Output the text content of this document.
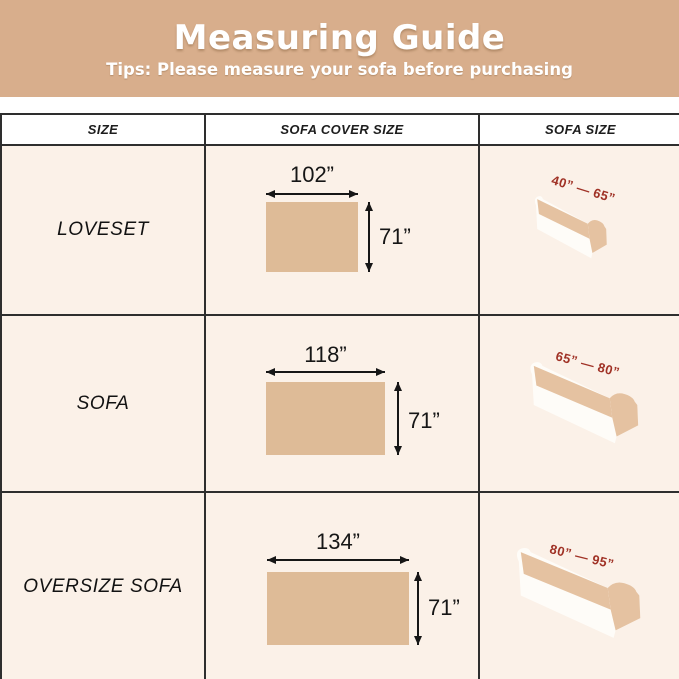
Measuring Guide
Tips: Please measure your sofa before purchasing
SIZE	SOFA COVER SIZE	SOFA SIZE
LOVESET
102”
71”
40” — 65”
SOFA
118”
71”
65” — 80”
OVERSIZE SOFA
134”
71”
80” — 95”
